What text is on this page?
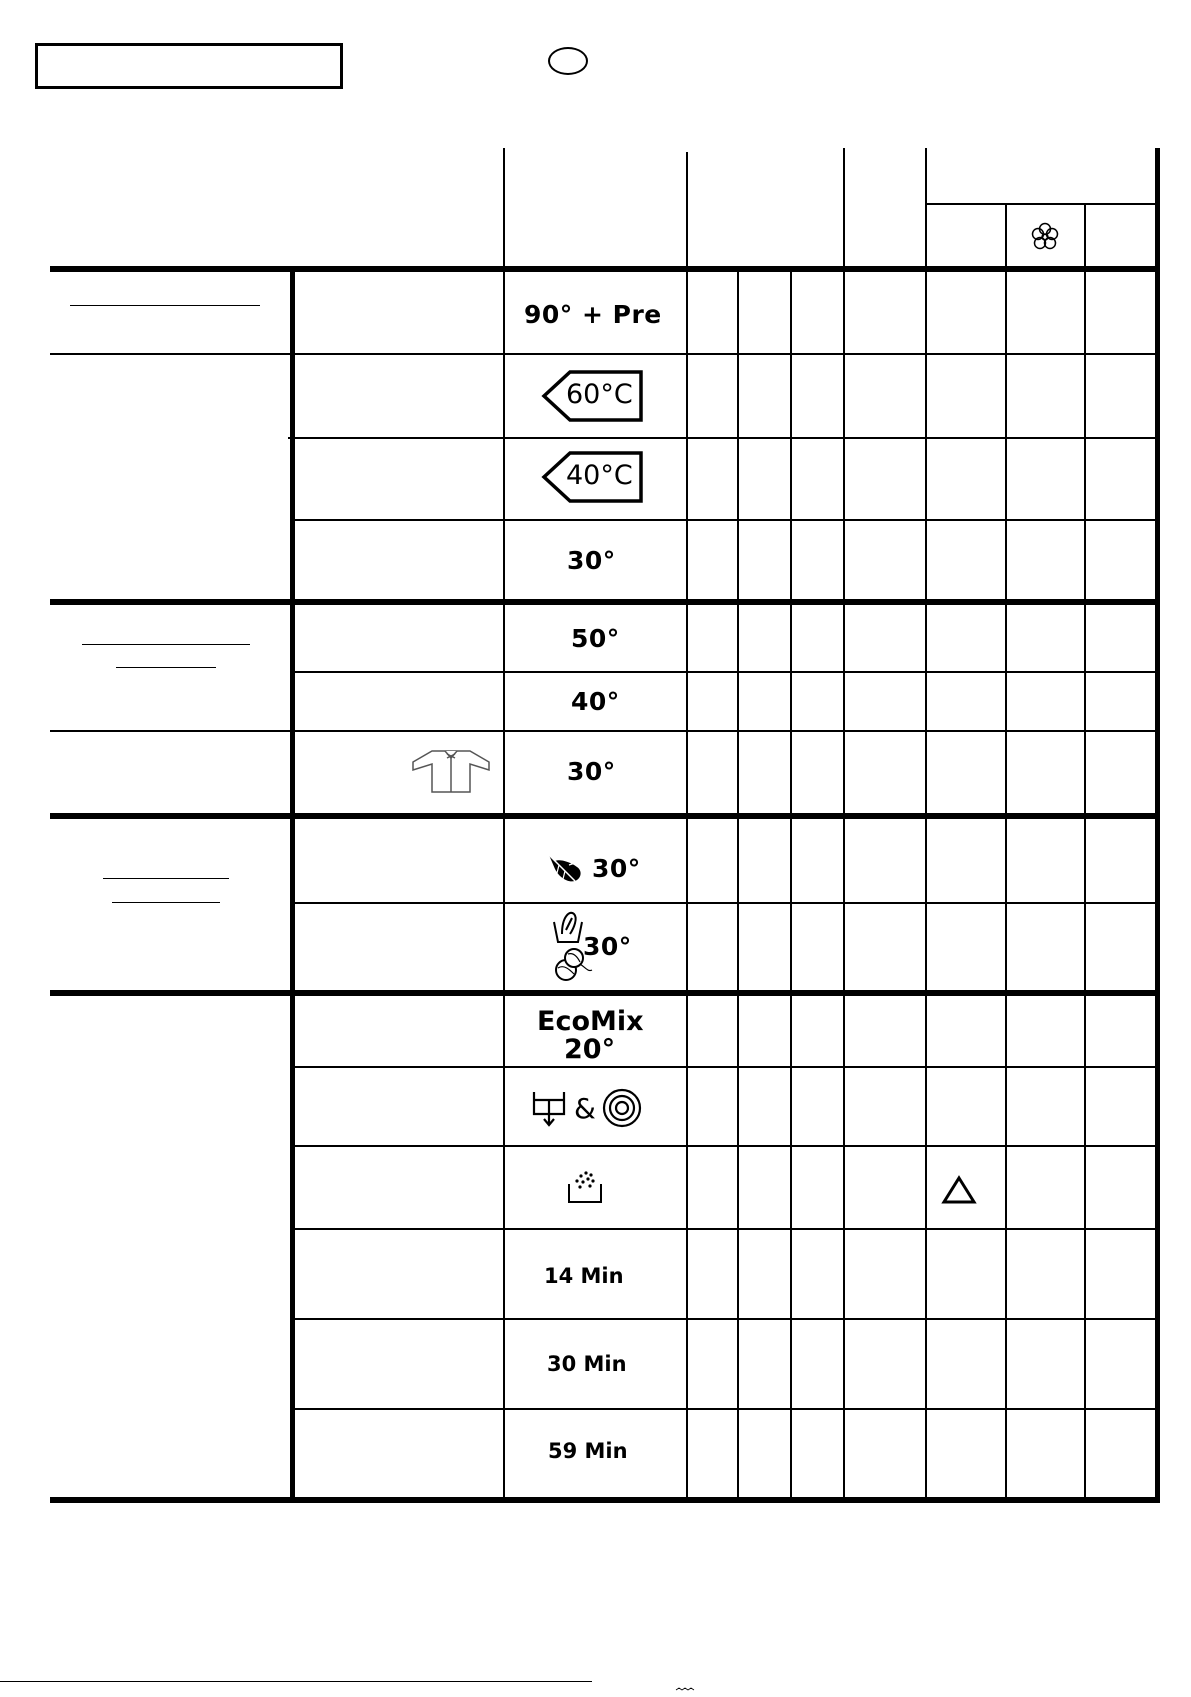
90° + Pre
60°C
40°C
30°
50°
40°
30°
30°
30°
EcoMix
20°
&
14 Min
30 Min
59 Min
